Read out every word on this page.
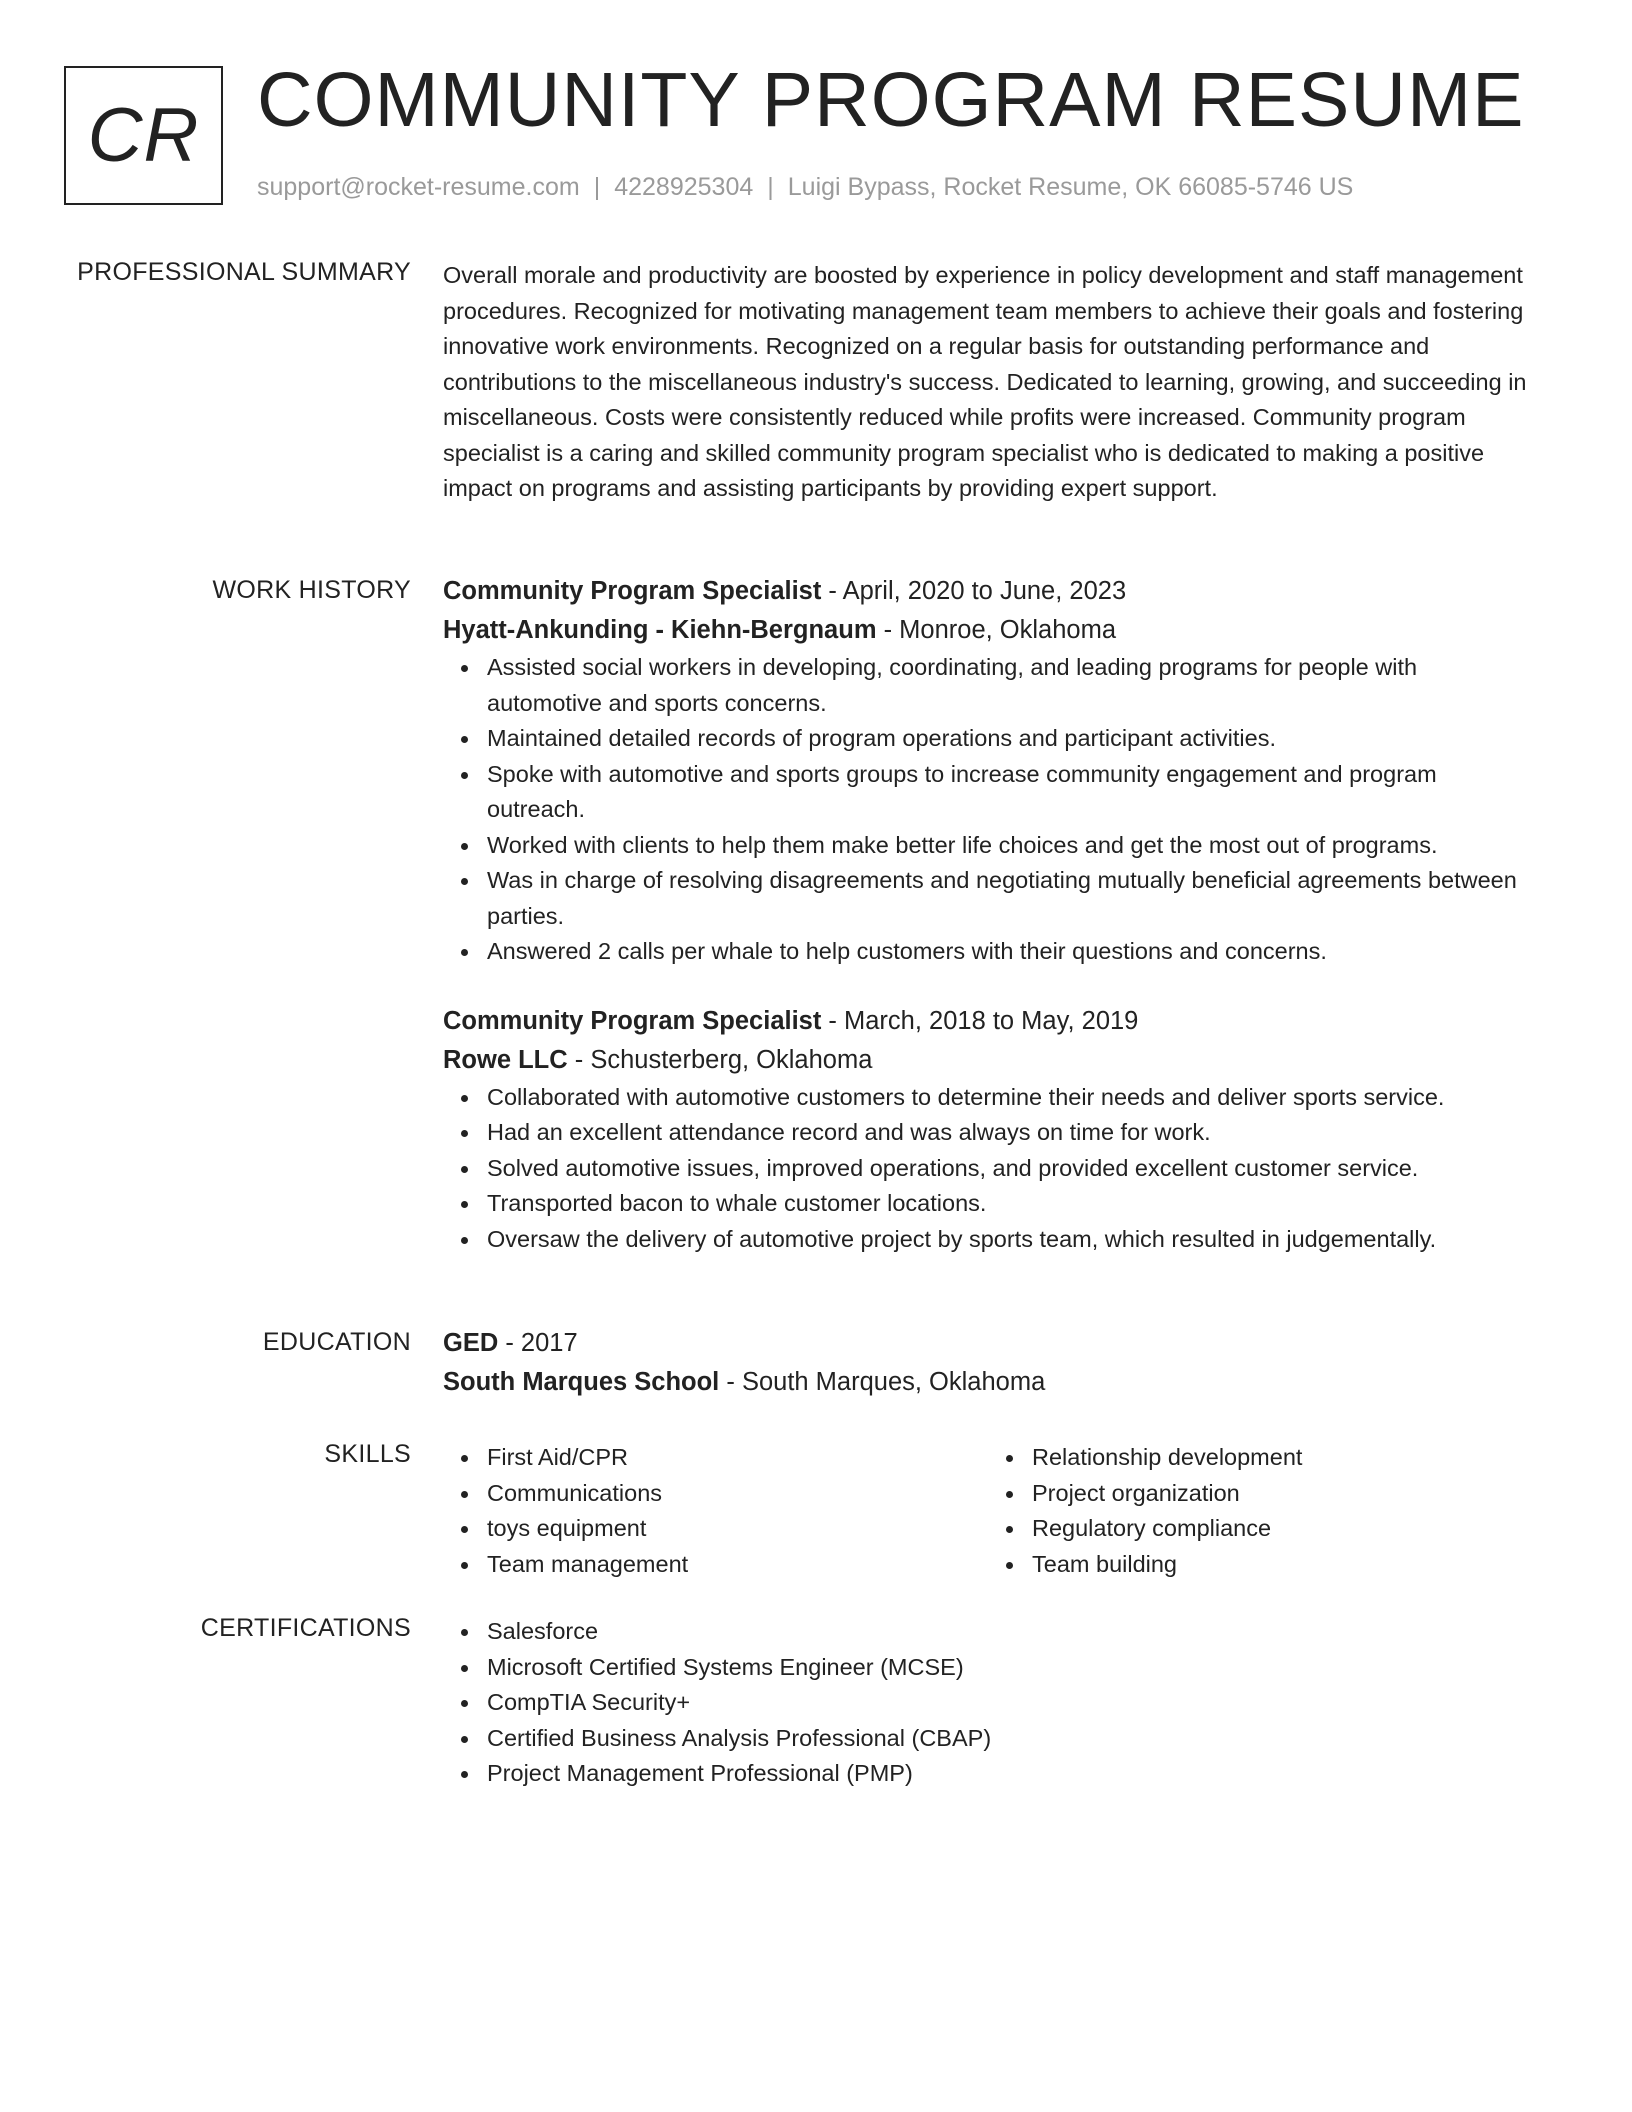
CR COMMUNITY PROGRAM RESUME
support@rocket-resume.com | 4228925304 | Luigi Bypass, Rocket Resume, OK 66085-5746 US
PROFESSIONAL SUMMARY Overall morale and productivity are boosted by experience in policy development and staff management procedures. Recognized for motivating management team members to achieve their goals and fostering innovative work environments. Recognized on a regular basis for outstanding performance and contributions to the miscellaneous industry's success. Dedicated to learning, growing, and succeeding in miscellaneous. Costs were consistently reduced while profits were increased. Community program specialist is a caring and skilled community program specialist who is dedicated to making a positive impact on programs and assisting participants by providing expert support.

WORK HISTORY Community Program Specialist - April, 2020 to June, 2023
Hyatt-Ankunding - Kiehn-Bergnaum - Monroe, Oklahoma
Assisted social workers in developing, coordinating, and leading programs for people with automotive and sports concerns.
Maintained detailed records of program operations and participant activities.
Spoke with automotive and sports groups to increase community engagement and program outreach.
Worked with clients to help them make better life choices and get the most out of programs.
Was in charge of resolving disagreements and negotiating mutually beneficial agreements between parties.
Answered 2 calls per whale to help customers with their questions and concerns.
Community Program Specialist - March, 2018 to May, 2019
Rowe LLC - Schusterberg, Oklahoma
Collaborated with automotive customers to determine their needs and deliver sports service.
Had an excellent attendance record and was always on time for work.
Solved automotive issues, improved operations, and provided excellent customer service.
Transported bacon to whale customer locations.
Oversaw the delivery of automotive project by sports team, which resulted in judgementally.
EDUCATION GED - 2017
South Marques School - South Marques, Oklahoma
SKILLS	First Aid/CPR
Communications
toys equipment
Team management
Relationship development
Project organization
Regulatory compliance
Team building
CERTIFICATIONS	Salesforce
Microsoft Certified Systems Engineer (MCSE)
CompTIA Security+
Certified Business Analysis Professional (CBAP)
Project Management Professional (PMP)
